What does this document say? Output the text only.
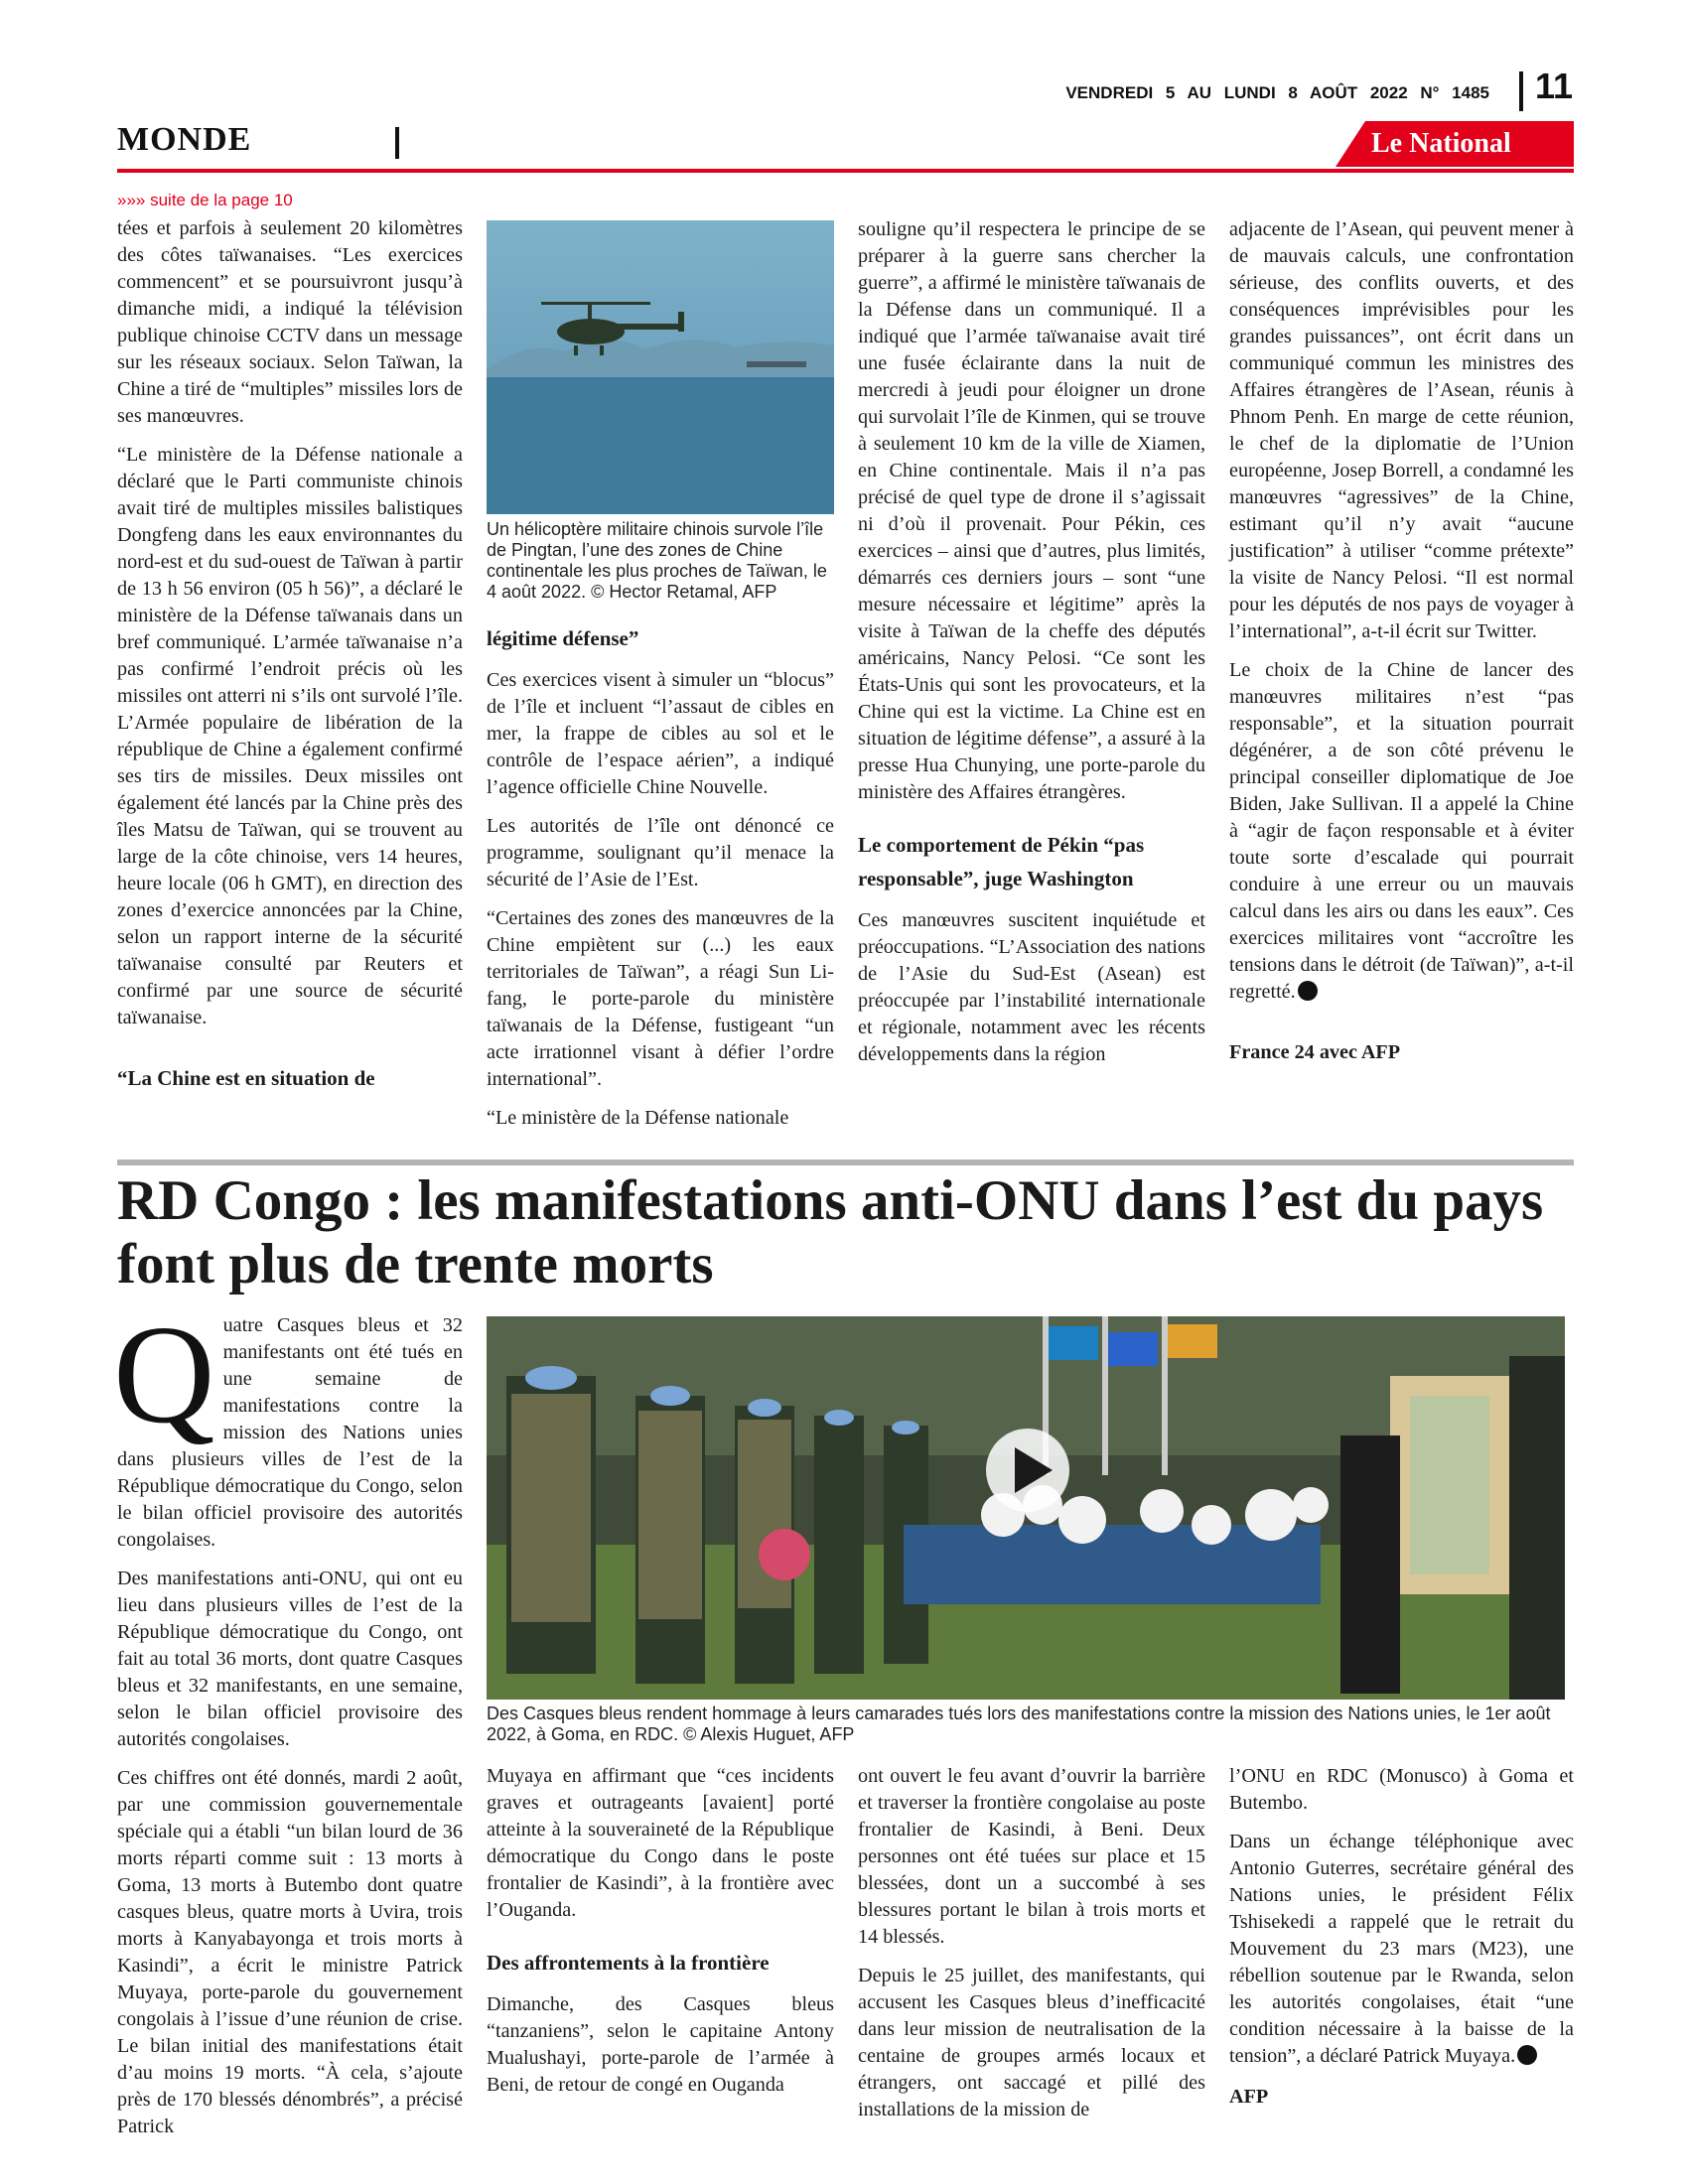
VENDREDI 5 AU LUNDI 8 AOÛT 2022 N° 1485 11
MONDE	Le National
»»» suite de la page 10

tées et parfois à seulement 20 kilomètres des côtes taïwanaises. “Les exercices commencent” et se poursuivront jusqu’à dimanche midi, a indiqué la télévision publique chinoise CCTV dans un message sur les réseaux sociaux. Selon Taïwan, la Chine a tiré de “multiples” missiles lors de ses manœuvres.

“Le ministère de la Défense nationale a déclaré que le Parti communiste chinois avait tiré de multiples missiles balistiques Dongfeng dans les eaux environnantes du nord-est et du sud-ouest de Taïwan à partir de 13 h 56 environ (05 h 56)”, a déclaré le ministère de la Défense taïwanais dans un bref communiqué. L’armée taïwanaise n’a pas confirmé l’endroit précis où les missiles ont atterri ni s’ils ont survolé l’île. L’Armée populaire de libération de la république de Chine a également confirmé ses tirs de missiles. Deux missiles ont également été lancés par la Chine près des îles Matsu de Taïwan, qui se trouvent au large de la côte chinoise, vers 14 heures, heure locale (06 h GMT), en direction des zones d’exercice annoncées par la Chine, selon un rapport interne de la sécurité taïwanaise consulté par Reuters et confirmé par une source de sécurité taïwanaise.

“La Chine est en situation de
Un hélicoptère militaire chinois survole l’île de Pingtan, l’une des zones de Chine continentale les plus proches de Taïwan, le 4 août 2022. © Hector Retamal, AFP
légitime défense”

Ces exercices visent à simuler un “blocus” de l’île et incluent “l’assaut de cibles en mer, la frappe de cibles au sol et le contrôle de l’espace aérien”, a indiqué l’agence officielle Chine Nouvelle.

Les autorités de l’île ont dénoncé ce programme, soulignant qu’il menace la sécurité de l’Asie de l’Est.

“Certaines des zones des manœuvres de la Chine empiètent sur (...) les eaux territoriales de Taïwan”, a réagi Sun Li-fang, le porte-parole du ministère taïwanais de la Défense, fustigeant “un acte irrationnel visant à défier l’ordre international”.

“Le ministère de la Défense nationale

souligne qu’il respectera le principe de se préparer à la guerre sans chercher la guerre”, a affirmé le ministère taïwanais de la Défense dans un communiqué. Il a indiqué que l’armée taïwanaise avait tiré une fusée éclairante dans la nuit de mercredi à jeudi pour éloigner un drone qui survolait l’île de Kinmen, qui se trouve à seulement 10 km de la ville de Xiamen, en Chine continentale. Mais il n’a pas précisé de quel type de drone il s’agissait ni d’où il provenait. Pour Pékin, ces exercices – ainsi que d’autres, plus limités, démarrés ces derniers jours – sont “une mesure nécessaire et légitime” après la visite à Taïwan de la cheffe des députés américains, Nancy Pelosi. “Ce sont les États-Unis qui sont les provocateurs, et la Chine qui est la victime. La Chine est en situation de légitime défense”, a assuré à la presse Hua Chunying, une porte-parole du ministère des Affaires étrangères.

Le comportement de Pékin “pas responsable”, juge Washington

Ces manœuvres suscitent inquiétude et préoccupations. “L’Association des nations de l’Asie du Sud-Est (Asean) est préoccupée par l’instabilité internationale et régionale, notamment avec les récents développements dans la région

adjacente de l’Asean, qui peuvent mener à de mauvais calculs, une confrontation sérieuse, des conflits ouverts, et des conséquences imprévisibles pour les grandes puissances”, ont écrit dans un communiqué commun les ministres des Affaires étrangères de l’Asean, réunis à Phnom Penh. En marge de cette réunion, le chef de la diplomatie de l’Union européenne, Josep Borrell, a condamné les manœuvres “agressives” de la Chine, estimant qu’il n’y avait “aucune justification” à utiliser “comme prétexte” la visite de Nancy Pelosi. “Il est normal pour les députés de nos pays de voyager à l’international”, a-t-il écrit sur Twitter.

Le choix de la Chine de lancer des manœuvres militaires n’est “pas responsable”, et la situation pourrait dégénérer, a de son côté prévenu le principal conseiller diplomatique de Joe Biden, Jake Sullivan. Il a appelé la Chine à “agir de façon responsable et à éviter toute sorte d’escalade qui pourrait conduire à une erreur ou un mauvais calcul dans les airs ou dans les eaux”. Ces exercices militaires vont “accroître les tensions dans le détroit (de Taïwan)”, a-t-il regretté.

France 24 avec AFP
RD Congo : les manifestations anti-ONU dans l’est du pays font plus de trente morts

Quatre Casques bleus et 32 manifestants ont été tués en une semaine de manifestations contre la mission des Nations unies dans plusieurs villes de l’est de la République démocratique du Congo, selon le bilan officiel provisoire des autorités congolaises.

Des manifestations anti-ONU, qui ont eu lieu dans plusieurs villes de l’est de la République démocratique du Congo, ont fait au total 36 morts, dont quatre Casques bleus et 32 manifestants, en une semaine, selon le bilan officiel provisoire des autorités congolaises.

Ces chiffres ont été donnés, mardi 2 août, par une commission gouvernementale spéciale qui a établi “un bilan lourd de 36 morts réparti comme suit : 13 morts à Goma, 13 morts à Butembo dont quatre casques bleus, quatre morts à Uvira, trois morts à Kanyabayonga et trois morts à Kasindi”, a écrit le ministre Patrick Muyaya, porte-parole du gouvernement congolais à l’issue d’une réunion de crise. Le bilan initial des manifestations était d’au moins 19 morts. “À cela, s’ajoute près de 170 blessés dénombrés”, a précisé Patrick

Des Casques bleus rendent hommage à leurs camarades tués lors des manifestations contre la mission des Nations unies, le 1er août 2022, à Goma, en RDC. © Alexis Huguet, AFP

Muyaya en affirmant que “ces incidents graves et outrageants [avaient] porté atteinte à la souveraineté de la République démocratique du Congo dans le poste frontalier de Kasindi”, à la frontière avec l’Ouganda.

Des affrontements à la frontière

Dimanche, des Casques bleus “tanzaniens”, selon le capitaine Antony Mualushayi, porte-parole de l’armée à Beni, de retour de congé en Ouganda

ont ouvert le feu avant d’ouvrir la barrière et traverser la frontière congolaise au poste frontalier de Kasindi, à Beni. Deux personnes ont été tuées sur place et 15 blessées, dont un a succombé à ses blessures portant le bilan à trois morts et 14 blessés.

Depuis le 25 juillet, des manifestants, qui accusent les Casques bleus d’inefficacité dans leur mission de neutralisation de la centaine de groupes armés locaux et étrangers, ont saccagé et pillé des installations de la mission de

l’ONU en RDC (Monusco) à Goma et Butembo.

Dans un échange téléphonique avec Antonio Guterres, secrétaire général des Nations unies, le président Félix Tshisekedi a rappelé que le retrait du Mouvement du 23 mars (M23), une rébellion soutenue par le Rwanda, selon les autorités congolaises, était “une condition nécessaire à la baisse de la tension”, a déclaré Patrick Muyaya.

AFP
